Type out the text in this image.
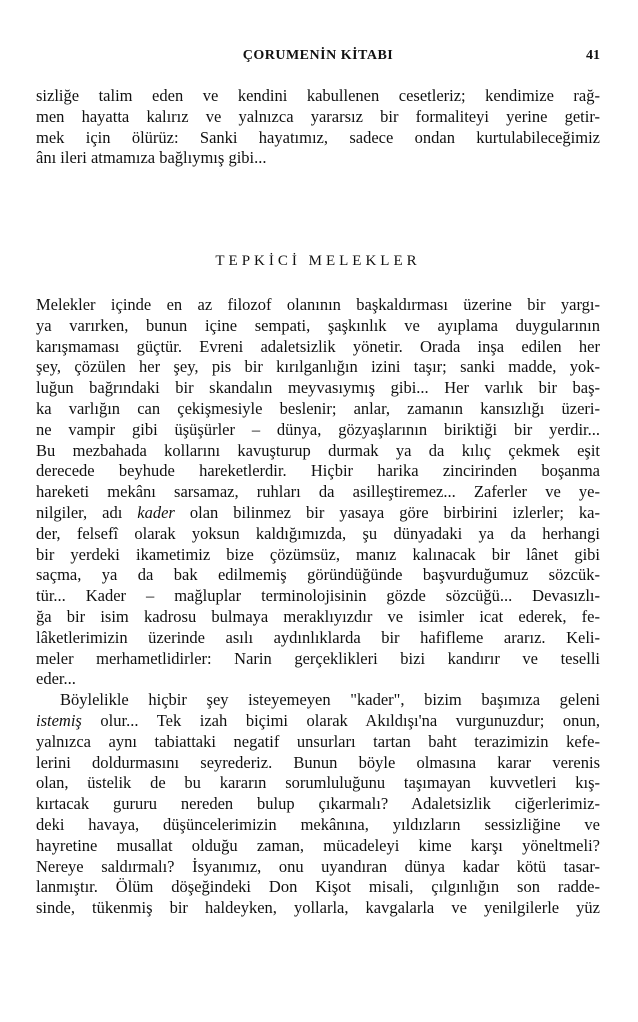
ÇORUMENİN KİTABI	41
sizliğe talim eden ve kendini kabullenen cesetleriz; kendimize rağ-
men hayatta kalırız ve yalnızca yararsız bir formaliteyi yerine getir-
mek için ölürüz: Sanki hayatımız, sadece ondan kurtulabileceğimiz
ânı ileri atmamıza bağlıymış gibi...
TEPKİCİ MELEKLER
Melekler içinde en az filozof olanının başkaldırması üzerine bir yargı-
ya varırken, bunun içine sempati, şaşkınlık ve ayıplama duygularının
karışmaması güçtür. Evreni adaletsizlik yönetir. Orada inşa edilen her
şey, çözülen her şey, pis bir kırılganlığın izini taşır; sanki madde, yok-
luğun bağrındaki bir skandalın meyvasıymış gibi... Her varlık bir baş-
ka varlığın can çekişmesiyle beslenir; anlar, zamanın kansızlığı üzeri-
ne vampir gibi üşüşürler – dünya, gözyaşlarının biriktiği bir yerdir...
Bu mezbahada kollarını kavuşturup durmak ya da kılıç çekmek eşit
derecede beyhude hareketlerdir. Hiçbir harika zincirinden boşanma
hareketi mekânı sarsamaz, ruhları da asilleştiremez... Zaferler ve ye-
nilgiler, adı kader olan bilinmez bir yasaya göre birbirini izlerler; ka-
der, felsefî olarak yoksun kaldığımızda, şu dünyadaki ya da herhangi
bir yerdeki ikametimiz bize çözümsüz, manız kalınacak bir lânet gibi
saçma, ya da bak edilmemiş göründüğünde başvurduğumuz sözcük-
tür... Kader – mağluplar terminolojisinin gözde sözcüğü... Devasızlı-
ğa bir isim kadrosu bulmaya meraklıyızdır ve isimler icat ederek, fe-
lâketlerimizin üzerinde asılı aydınlıklarda bir hafifleme ararız. Keli-
meler merhametlidirler: Narin gerçeklikleri bizi kandırır ve teselli
eder...
Böylelikle hiçbir şey isteyemeyen "kader", bizim başımıza geleni
istemiş olur... Tek izah biçimi olarak Akıldışı'na vurgunuzdur; onun,
yalnızca aynı tabiattaki negatif unsurları tartan baht terazimizin kefe-
lerini doldurmasını seyrederiz. Bunun böyle olmasına karar verenis
olan, üstelik de bu kararın sorumluluğunu taşımayan kuvvetleri kış-
kırtacak gururu nereden bulup çıkarmalı? Adaletsizlik ciğerlerimiz-
deki havaya, düşüncelerimizin mekânına, yıldızların sessizliğine ve
hayretine musallat olduğu zaman, mücadeleyi kime karşı yöneltmeli?
Nereye saldırmalı? İsyanımız, onu uyandıran dünya kadar kötü tasar-
lanmıştır. Ölüm döşeğindeki Don Kişot misali, çılgınlığın son radde-
sinde, tükenmiş bir haldeyken, yollarla, kavgalarla ve yenilgilerle yüz
